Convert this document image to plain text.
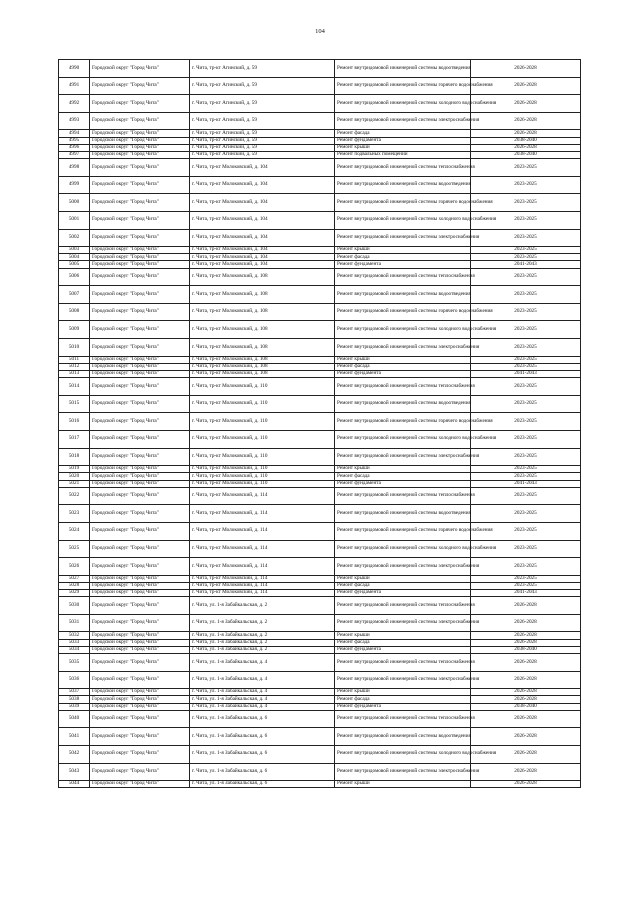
104
4990	Городской округ "Город Чита"	г. Чита, тр-кт Агинский, д. 59	Ремонт внутридомовой инженерной системы водоотведения	2026-2028
4991	Городской округ "Город Чита"	г. Чита, тр-кт Агинский, д. 59	Ремонт внутридомовой инженерной системы горячего водоснабжения	2026-2028
4992	Городской округ "Город Чита"	г. Чита, тр-кт Агинский, д. 59	Ремонт внутридомовой инженерной системы холодного водоснабжения	2026-2028
4993	Городской округ "Город Чита"	г. Чита, тр-кт Агинский, д. 59	Ремонт внутридомовой инженерной системы электроснабжения	2026-2028
4994	Городской округ "Город Чита"	г. Чита, тр-кт Агинский, д. 59	Ремонт фасада	2026-2028
4995	Городской округ "Город Чита"	г. Чита, тр-кт Агинский, д. 59	Ремонт фундамента	2038-2040
4996	Городской округ "Город Чита"	г. Чита, тр-кт Агинский, д. 59	Ремонт крыши	2026-2028
4997	Городской округ "Город Чита"	г. Чита, тр-кт Агинский, д. 59	Ремонт подвальных помещений	2038-2040
4998	Городской округ "Город Чита"	г. Чита, тр-кт Молоковский, д. 104	Ремонт внутридомовой инженерной системы теплоснабжения	2023-2025
4999	Городской округ "Город Чита"	г. Чита, тр-кт Молоковский, д. 104	Ремонт внутридомовой инженерной системы водоотведения	2023-2025
5000	Городской округ "Город Чита"	г. Чита, тр-кт Молоковский, д. 104	Ремонт внутридомовой инженерной системы горячего водоснабжения	2023-2025
5001	Городской округ "Город Чита"	г. Чита, тр-кт Молоковский, д. 104	Ремонт внутридомовой инженерной системы холодного водоснабжения	2023-2025
5002	Городской округ "Город Чита"	г. Чита, тр-кт Молоковский, д. 104	Ремонт внутридомовой инженерной системы электроснабжения	2023-2025
5003	Городской округ "Город Чита"	г. Чита, тр-кт Молоковский, д. 104	Ремонт крыши	2023-2025
5004	Городской округ "Город Чита"	г. Чита, тр-кт Молоковский, д. 104	Ремонт фасада	2023-2025
5005	Городской округ "Город Чита"	г. Чита, тр-кт Молоковский, д. 104	Ремонт фундамента	2041-2043
5006	Городской округ "Город Чита"	г. Чита, тр-кт Молоковский, д. 108	Ремонт внутридомовой инженерной системы теплоснабжения	2023-2025
5007	Городской округ "Город Чита"	г. Чита, тр-кт Молоковский, д. 108	Ремонт внутридомовой инженерной системы водоотведения	2023-2025
5008	Городской округ "Город Чита"	г. Чита, тр-кт Молоковский, д. 108	Ремонт внутридомовой инженерной системы горячего водоснабжения	2023-2025
5009	Городской округ "Город Чита"	г. Чита, тр-кт Молоковский, д. 108	Ремонт внутридомовой инженерной системы холодного водоснабжения	2023-2025
5010	Городской округ "Город Чита"	г. Чита, тр-кт Молоковский, д. 108	Ремонт внутридомовой инженерной системы электроснабжения	2023-2025
5011	Городской округ "Город Чита"	г. Чита, тр-кт Молоковский, д. 108	Ремонт крыши	2023-2025
5012	Городской округ "Город Чита"	г. Чита, тр-кт Молоковский, д. 108	Ремонт фасада	2023-2025
5013	Городской округ "Город Чита"	г. Чита, тр-кт Молоковский, д. 108	Ремонт фундамента	2041-2043
5014	Городской округ "Город Чита"	г. Чита, тр-кт Молоковский, д. 110	Ремонт внутридомовой инженерной системы теплоснабжения	2023-2025
5015	Городской округ "Город Чита"	г. Чита, тр-кт Молоковский, д. 110	Ремонт внутридомовой инженерной системы водоотведения	2023-2025
5016	Городской округ "Город Чита"	г. Чита, тр-кт Молоковский, д. 110	Ремонт внутридомовой инженерной системы горячего водоснабжения	2023-2025
5017	Городской округ "Город Чита"	г. Чита, тр-кт Молоковский, д. 110	Ремонт внутридомовой инженерной системы холодного водоснабжения	2023-2025
5018	Городской округ "Город Чита"	г. Чита, тр-кт Молоковский, д. 110	Ремонт внутридомовой инженерной системы электроснабжения	2023-2025
5019	Городской округ "Город Чита"	г. Чита, тр-кт Молоковский, д. 110	Ремонт крыши	2023-2025
5020	Городской округ "Город Чита"	г. Чита, тр-кт Молоковский, д. 110	Ремонт фасада	2023-2025
5021	Городской округ "Город Чита"	г. Чита, тр-кт Молоковский, д. 110	Ремонт фундамента	2041-2043
5022	Городской округ "Город Чита"	г. Чита, тр-кт Молоковский, д. 114	Ремонт внутридомовой инженерной системы теплоснабжения	2023-2025
5023	Городской округ "Город Чита"	г. Чита, тр-кт Молоковский, д. 114	Ремонт внутридомовой инженерной системы водоотведения	2023-2025
5024	Городской округ "Город Чита"	г. Чита, тр-кт Молоковский, д. 114	Ремонт внутридомовой инженерной системы горячего водоснабжения	2023-2025
5025	Городской округ "Город Чита"	г. Чита, тр-кт Молоковский, д. 114	Ремонт внутридомовой инженерной системы холодного водоснабжения	2023-2025
5026	Городской округ "Город Чита"	г. Чита, тр-кт Молоковский, д. 114	Ремонт внутридомовой инженерной системы электроснабжения	2023-2025
5027	Городской округ "Город Чита"	г. Чита, тр-кт Молоковский, д. 114	Ремонт крыши	2023-2025
5028	Городской округ "Город Чита"	г. Чита, тр-кт Молоковский, д. 114	Ремонт фасада	2023-2025
5029	Городской округ "Город Чита"	г. Чита, тр-кт Молоковский, д. 114	Ремонт фундамента	2041-2043
5030	Городской округ "Город Чита"	г. Чита, ул. 1-я Забайкальская, д. 2	Ремонт внутридомовой инженерной системы теплоснабжения	2026-2028
5031	Городской округ "Город Чита"	г. Чита, ул. 1-я Забайкальская, д. 2	Ремонт внутридомовой инженерной системы электроснабжения	2026-2028
5032	Городской округ "Город Чита"	г. Чита, ул. 1-я Забайкальская, д. 2	Ремонт крыши	2026-2028
5033	Городской округ "Город Чита"	г. Чита, ул. 1-я Забайкальская, д. 2	Ремонт фасада	2026-2028
5034	Городской округ "Город Чита"	г. Чита, ул. 1-я Забайкальская, д. 2	Ремонт фундамента	2038-2040
5035	Городской округ "Город Чита"	г. Чита, ул. 1-я Забайкальская, д. 4	Ремонт внутридомовой инженерной системы теплоснабжения	2026-2028
5036	Городской округ "Город Чита"	г. Чита, ул. 1-я Забайкальская, д. 4	Ремонт внутридомовой инженерной системы электроснабжения	2026-2028
5037	Городской округ "Город Чита"	г. Чита, ул. 1-я Забайкальская, д. 4	Ремонт крыши	2026-2028
5038	Городской округ "Город Чита"	г. Чита, ул. 1-я Забайкальская, д. 4	Ремонт фасада	2026-2028
5039	Городской округ "Город Чита"	г. Чита, ул. 1-я Забайкальская, д. 4	Ремонт фундамента	2038-2040
5040	Городской округ "Город Чита"	г. Чита, ул. 1-я Забайкальская, д. 6	Ремонт внутридомовой инженерной системы теплоснабжения	2026-2028
5041	Городской округ "Город Чита"	г. Чита, ул. 1-я Забайкальская, д. 6	Ремонт внутридомовой инженерной системы водоотведения	2026-2028
5042	Городской округ "Город Чита"	г. Чита, ул. 1-я Забайкальская, д. 6	Ремонт внутридомовой инженерной системы холодного водоснабжения	2026-2028
5043	Городской округ "Город Чита"	г. Чита, ул. 1-я Забайкальская, д. 6	Ремонт внутридомовой инженерной системы электроснабжения	2026-2028
5044	Городской округ "Город Чита"	г. Чита, ул. 1-я Забайкальская, д. 6	Ремонт крыши	2026-2028
